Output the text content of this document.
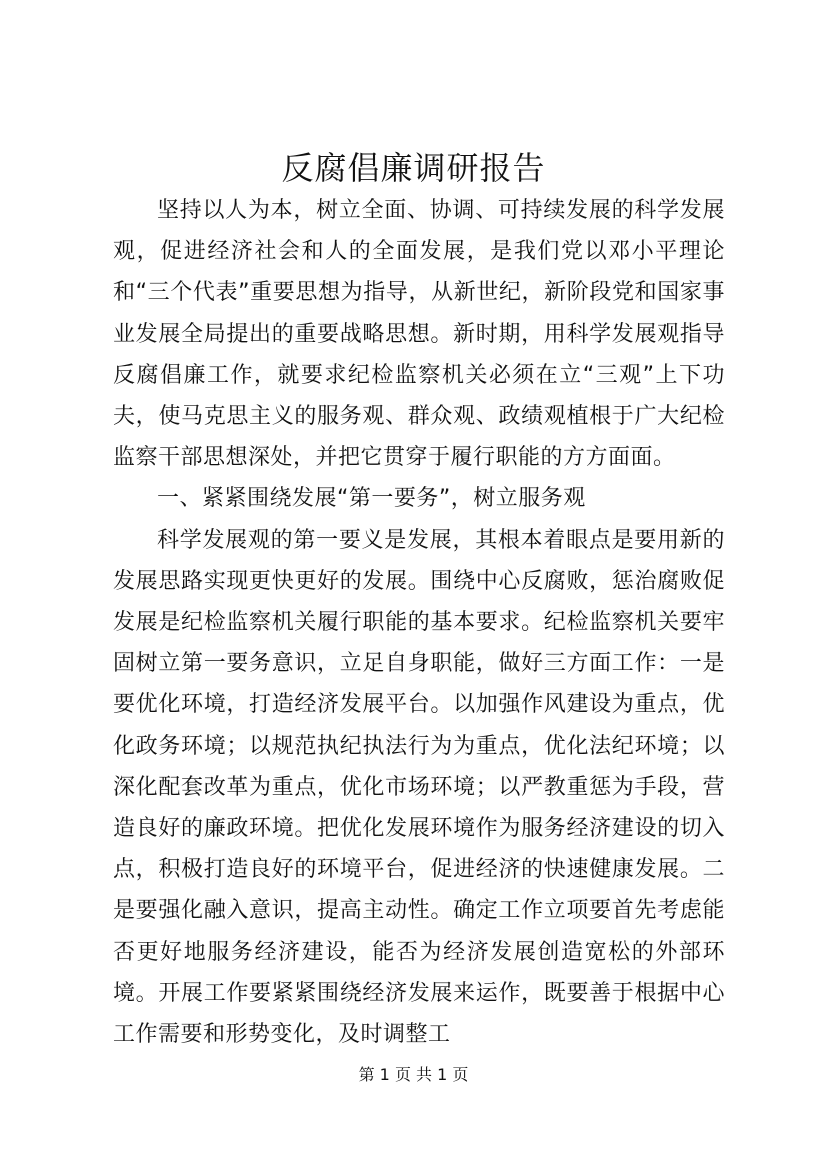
反腐倡廉调研报告

坚持以人为本，树立全面、协调、可持续发展的科学发展观，促进经济社会和人的全面发展，是我们党以邓小平理论和“三个代表”重要思想为指导，从新世纪，新阶段党和国家事业发展全局提出的重要战略思想。新时期，用科学发展观指导反腐倡廉工作，就要求纪检监察机关必须在立“三观”上下功夫，使马克思主义的服务观、群众观、政绩观植根于广大纪检监察干部思想深处，并把它贯穿于履行职能的方方面面。

一、紧紧围绕发展“第一要务”，树立服务观

科学发展观的第一要义是发展，其根本着眼点是要用新的发展思路实现更快更好的发展。围绕中心反腐败，惩治腐败促发展是纪检监察机关履行职能的基本要求。纪检监察机关要牢固树立第一要务意识，立足自身职能，做好三方面工作：一是要优化环境，打造经济发展平台。以加强作风建设为重点，优化政务环境；以规范执纪执法行为为重点，优化法纪环境；以深化配套改革为重点，优化市场环境；以严教重惩为手段，营造良好的廉政环境。把优化发展环境作为服务经济建设的切入点，积极打造良好的环境平台，促进经济的快速健康发展。二是要强化融入意识，提高主动性。确定工作立项要首先考虑能否更好地服务经济建设，能否为经济发展创造宽松的外部环境。开展工作要紧紧围绕经济发展来运作，既要善于根据中心工作需要和形势变化，及时调整工

第 1 页 共 1 页
